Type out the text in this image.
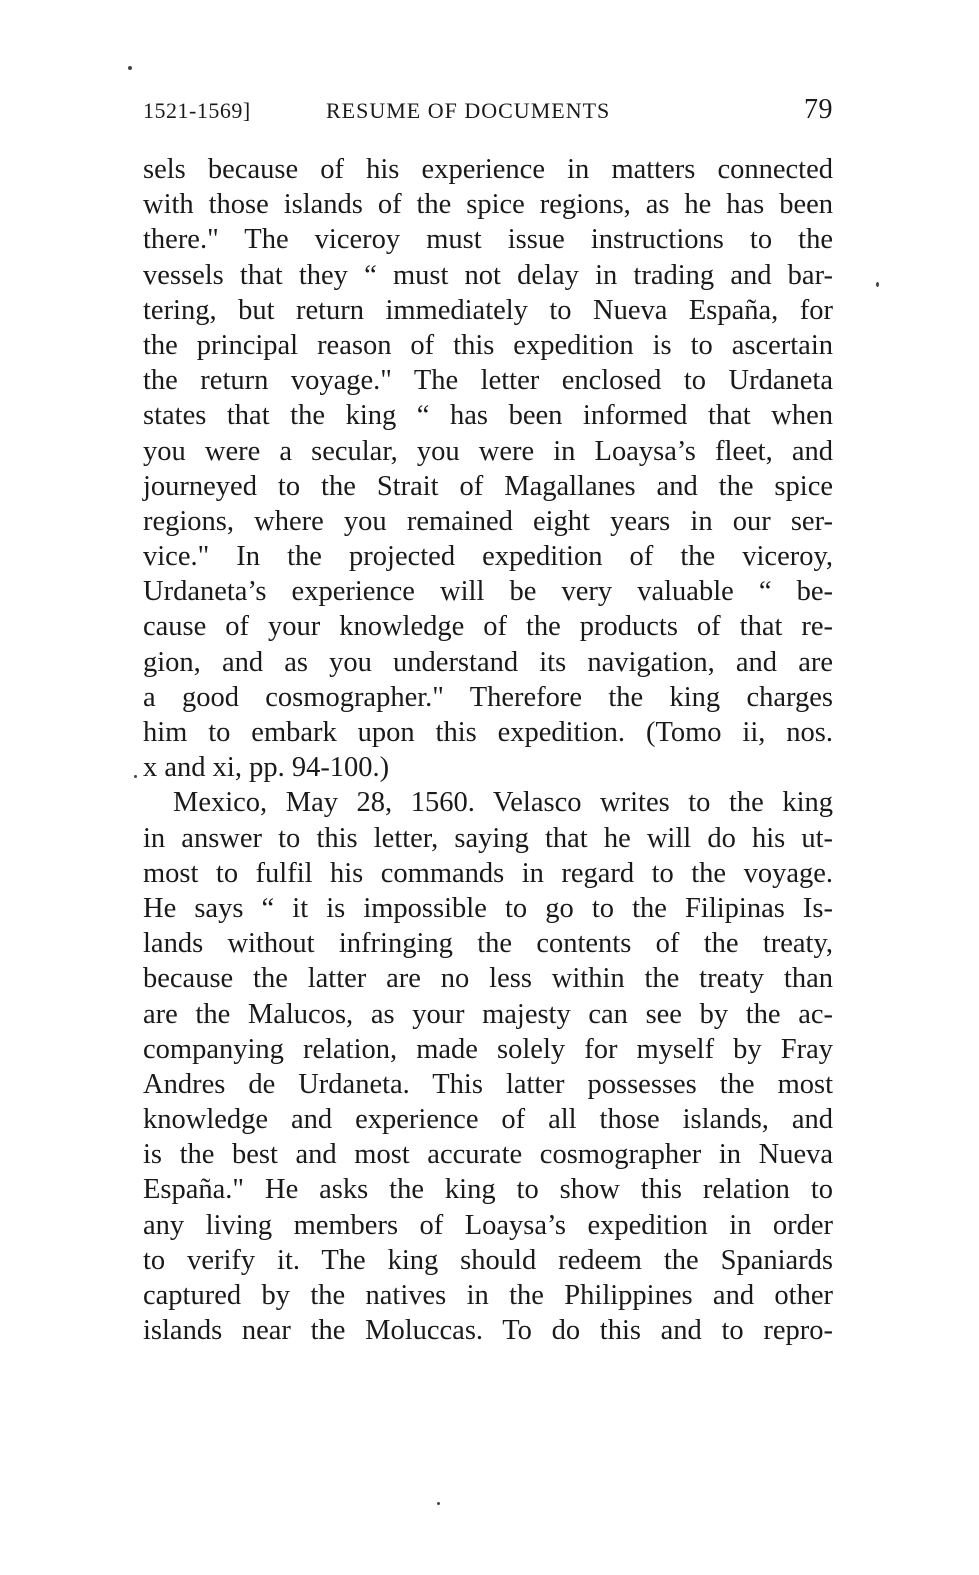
1521-1569]	RESUME OF DOCUMENTS	79
sels because of his experience in matters connected
with those islands of the spice regions, as he has been
there." The viceroy must issue instructions to the
vessels that they “ must not delay in trading and bar-
tering, but return immediately to Nueva España, for
the principal reason of this expedition is to ascertain
the return voyage." The letter enclosed to Urdaneta
states that the king “ has been informed that when
you were a secular, you were in Loaysa’s fleet, and
journeyed to the Strait of Magallanes and the spice
regions, where you remained eight years in our ser-
vice." In the projected expedition of the viceroy,
Urdaneta’s experience will be very valuable “ be-
cause of your knowledge of the products of that re-
gion, and as you understand its navigation, and are
a good cosmographer." Therefore the king charges
him to embark upon this expedition. (Tomo ii, nos.
x and xi, pp. 94-100.)
Mexico, May 28, 1560. Velasco writes to the king
in answer to this letter, saying that he will do his ut-
most to fulfil his commands in regard to the voyage.
He says “ it is impossible to go to the Filipinas Is-
lands without infringing the contents of the treaty,
because the latter are no less within the treaty than
are the Malucos, as your majesty can see by the ac-
companying relation, made solely for myself by Fray
Andres de Urdaneta. This latter possesses the most
knowledge and experience of all those islands, and
is the best and most accurate cosmographer in Nueva
España." He asks the king to show this relation to
any living members of Loaysa’s expedition in order
to verify it. The king should redeem the Spaniards
captured by the natives in the Philippines and other
islands near the Moluccas. To do this and to repro-
